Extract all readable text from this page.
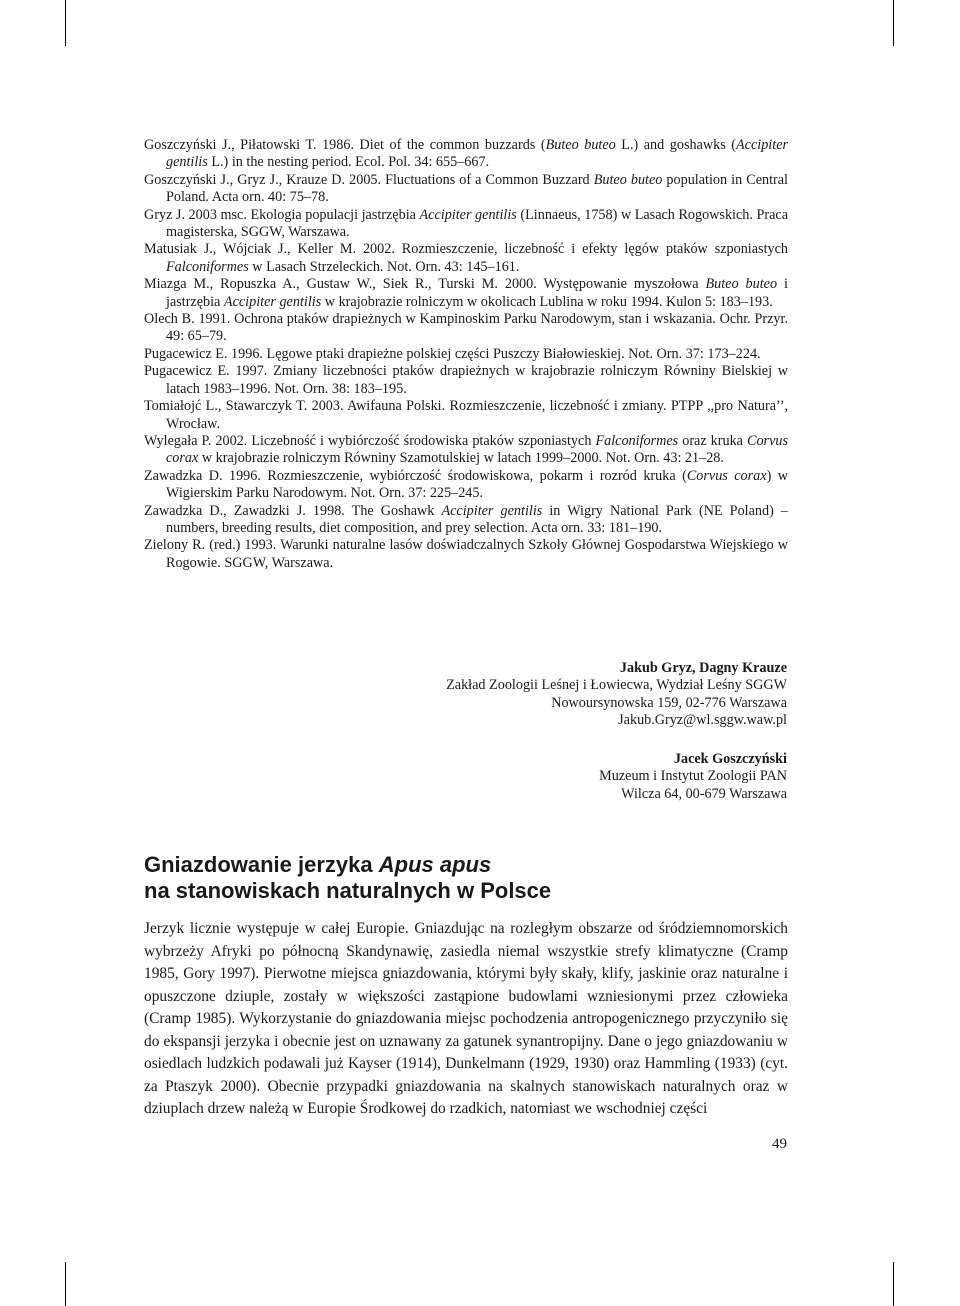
Goszczyński J., Piłatowski T. 1986. Diet of the common buzzards (Buteo buteo L.) and goshawks (Accipiter gentilis L.) in the nesting period. Ecol. Pol. 34: 655–667.

Goszczyński J., Gryz J., Krauze D. 2005. Fluctuations of a Common Buzzard Buteo buteo population in Central Poland. Acta orn. 40: 75–78.

Gryz J. 2003 msc. Ekologia populacji jastrzębia Accipiter gentilis (Linnaeus, 1758) w Lasach Rogowskich. Praca magisterska, SGGW, Warszawa.

Matusiak J., Wójciak J., Keller M. 2002. Rozmieszczenie, liczebność i efekty lęgów ptaków szponiastych Falconiformes w Lasach Strzeleckich. Not. Orn. 43: 145–161.

Miazga M., Ropuszka A., Gustaw W., Siek R., Turski M. 2000. Występowanie myszołowa Buteo buteo i jastrzębia Accipiter gentilis w krajobrazie rolniczym w okolicach Lublina w roku 1994. Kulon 5: 183–193.

Olech B. 1991. Ochrona ptaków drapieżnych w Kampinoskim Parku Narodowym, stan i wskazania. Ochr. Przyr. 49: 65–79.

Pugacewicz E. 1996. Lęgowe ptaki drapieżne polskiej części Puszczy Białowieskiej. Not. Orn. 37: 173–224.

Pugacewicz E. 1997. Zmiany liczebności ptaków drapieżnych w krajobrazie rolniczym Równiny Bielskiej w latach 1983–1996. Not. Orn. 38: 183–195.

Tomiałojć L., Stawarczyk T. 2003. Awifauna Polski. Rozmieszczenie, liczebność i zmiany. PTPP ,,pro Natura’’, Wrocław.

Wylegała P. 2002. Liczebność i wybiórczość środowiska ptaków szponiastych Falconiformes oraz kruka Corvus corax w krajobrazie rolniczym Równiny Szamotulskiej w latach 1999–2000. Not. Orn. 43: 21–28.

Zawadzka D. 1996. Rozmieszczenie, wybiórczość środowiskowa, pokarm i rozród kruka (Corvus corax) w Wigierskim Parku Narodowym. Not. Orn. 37: 225–245.

Zawadzka D., Zawadzki J. 1998. The Goshawk Accipiter gentilis in Wigry National Park (NE Poland) – numbers, breeding results, diet composition, and prey selection. Acta orn. 33: 181–190.

Zielony R. (red.) 1993. Warunki naturalne lasów doświadczalnych Szkoły Głównej Gospodarstwa Wiejskiego w Rogowie. SGGW, Warszawa.

Jakub Gryz, Dagny Krauze
Zakład Zoologii Leśnej i Łowiecwa, Wydział Leśny SGGW
Nowoursynowska 159, 02-776 Warszawa
Jakub.Gryz@wl.sggw.waw.pl
Jacek Goszczyński
Muzeum i Instytut Zoologii PAN
Wilcza 64, 00-679 Warszawa
Gniazdowanie jerzyka Apus apus
na stanowiskach naturalnych w Polsce

Jerzyk licznie występuje w całej Europie. Gniazdując na rozległym obszarze od śródziemnomorskich wybrzeży Afryki po północną Skandynawię, zasiedla niemal wszystkie strefy klimatyczne (Cramp 1985, Gory 1997). Pierwotne miejsca gniazdowania, którymi były skały, klify, jaskinie oraz naturalne i opuszczone dziuple, zostały w większości zastąpione budowlami wzniesionymi przez człowieka (Cramp 1985). Wykorzystanie do gniazdowania miejsc pochodzenia antropogenicznego przyczyniło się do ekspansji jerzyka i obecnie jest on uznawany za gatunek synantropijny. Dane o jego gniazdowaniu w osiedlach ludzkich podawali już Kayser (1914), Dunkelmann (1929, 1930) oraz Hammling (1933) (cyt. za Ptaszyk 2000). Obecnie przypadki gniazdowania na skalnych stanowiskach naturalnych oraz w dziuplach drzew należą w Europie Środkowej do rzadkich, natomiast we wschodniej części

49
